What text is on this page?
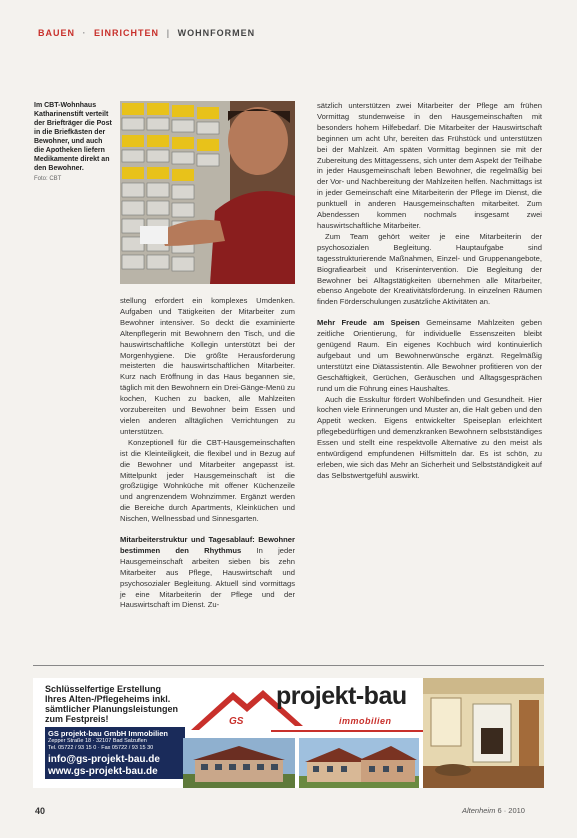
BAUEN · EINRICHTEN | WOHNFORMEN
Im CBT-Wohnhaus Katharinenstift verteilt der Briefträger die Post in die Briefkästen der Bewohner, und auch die Apotheken liefern Medikamente direkt an den Bewohner.
Foto: CBT

stellung erfordert ein komplexes Umdenken. Aufgaben und Tätigkeiten der Mitarbeiter zum Bewohner intensiver. So deckt die examinierte Altenpflegerin mit Bewohnern den Tisch, und die hauswirtschaftliche Kollegin unterstützt bei der Morgenhygiene. Die größte Herausforderung meisterten die hauswirtschaftlichen Mitarbeiter. Kurz nach Eröffnung in das Haus begannen sie, täglich mit den Bewohnern ein Drei-Gänge-Menü zu kochen, Kuchen zu backen, alle Mahlzeiten vorzubereiten und Bewohner beim Essen und vielen anderen alltäglichen Verrichtungen zu unterstützen.

Konzeptionell für die CBT-Hausgemeinschaften ist die Kleinteiligkeit, die flexibel und in Bezug auf die Bewohner und Mitarbeiter angepasst ist. Mittelpunkt jeder Hausgemeinschaft ist die großzügige Wohnküche mit offener Küchenzeile und angrenzendem Wohnzimmer. Ergänzt werden die Bereiche durch Apartments, Kleinküchen und Nischen, Wellnessbad und Sinnesgarten.

Mitarbeiterstruktur und Tagesablauf: Bewohner bestimmen den Rhythmus In jeder Hausgemeinschaft arbeiten sieben bis zehn Mitarbeiter aus Pflege, Hauswirtschaft und psychosozialer Begleitung. Aktuell sind vormittags je eine Mitarbeiterin der Pflege und der Hauswirtschaft im Dienst. Zu-

sätzlich unterstützen zwei Mitarbeiter der Pflege am frühen Vormittag stundenweise in den Hausgemeinschaften mit besonders hohem Hilfebedarf. Die Mitarbeiter der Hauswirtschaft beginnen um acht Uhr, bereiten das Frühstück und unterstützen bei der Mahlzeit. Am späten Vormittag beginnen sie mit der Zubereitung des Mittagessens, sich unter dem Aspekt der Teilhabe in jeder Hausgemeinschaft leben Bewohner, die regelmäßig bei der Vor- und Nachbereitung der Mahlzeiten helfen. Nachmittags ist in jeder Gemeinschaft eine Mitarbeiterin der Pflege im Dienst, die punktuell in anderen Hausgemeinschaften mitarbeitet. Zum Abendessen kommen nochmals insgesamt zwei hauswirtschaftliche Mitarbeiter.

Zum Team gehört weiter je eine Mitarbeiterin der psychosozialen Begleitung. Hauptaufgabe sind tagesstrukturierende Maßnahmen, Einzel- und Gruppenangebote, Biografiearbeit und Krisenintervention. Die Begleitung der Bewohner bei Alltagstätigkeiten übernehmen alle Mitarbeiter, ebenso Angebote der Kreativitätsförderung. In einzelnen Räumen finden Förderschulungen zusätzliche Aktivitäten an.

Mehr Freude am Speisen Gemeinsame Mahlzeiten geben zeitliche Orientierung, für individuelle Essenszeiten bleibt genügend Raum. Ein eigenes Kochbuch wird kontinuierlich aufgebaut und um Bewohnerwünsche ergänzt. Regelmäßig unterstützt eine Diätassistentin. Alle Bewohner profitieren von der Geschäftigkeit, Gerüchen, Geräuschen und Alltagsgesprächen rund um die Führung eines Haushaltes.

Auch die Esskultur fördert Wohlbefinden und Gesundheit. Hier kochen viele Erinnerungen und Muster an, die Halt geben und den Appetit wecken. Eigens entwickelter Speiseplan erleichtert pflegebedürftigen und demenzkranken Bewohnern selbstständiges Essen und stellt eine respektvolle Alternative zu den meist als entwürdigend empfundenen Hilfsmitteln dar. Es ist schön, zu erleben, wie sich das Mehr an Sicherheit und Selbstständigkeit auf das Selbstwertgefühl auswirkt.

Schlüsselfertige Erstellung Ihres Alten-/Pflegeheims inkl. sämtlicher Planungsleistungen zum Festpreis!
GS projekt-bau GmbH Immobilien
Zepper Straße 18 · 32107 Bad Salzuflen
Tel. 05722 / 93 15 0 · Fax 05722 / 93 15 30
info@gs-projekt-bau.de
www.gs-projekt-bau.de
GS
projekt-bau
immobilien
40	Altenheim 6 · 2010
